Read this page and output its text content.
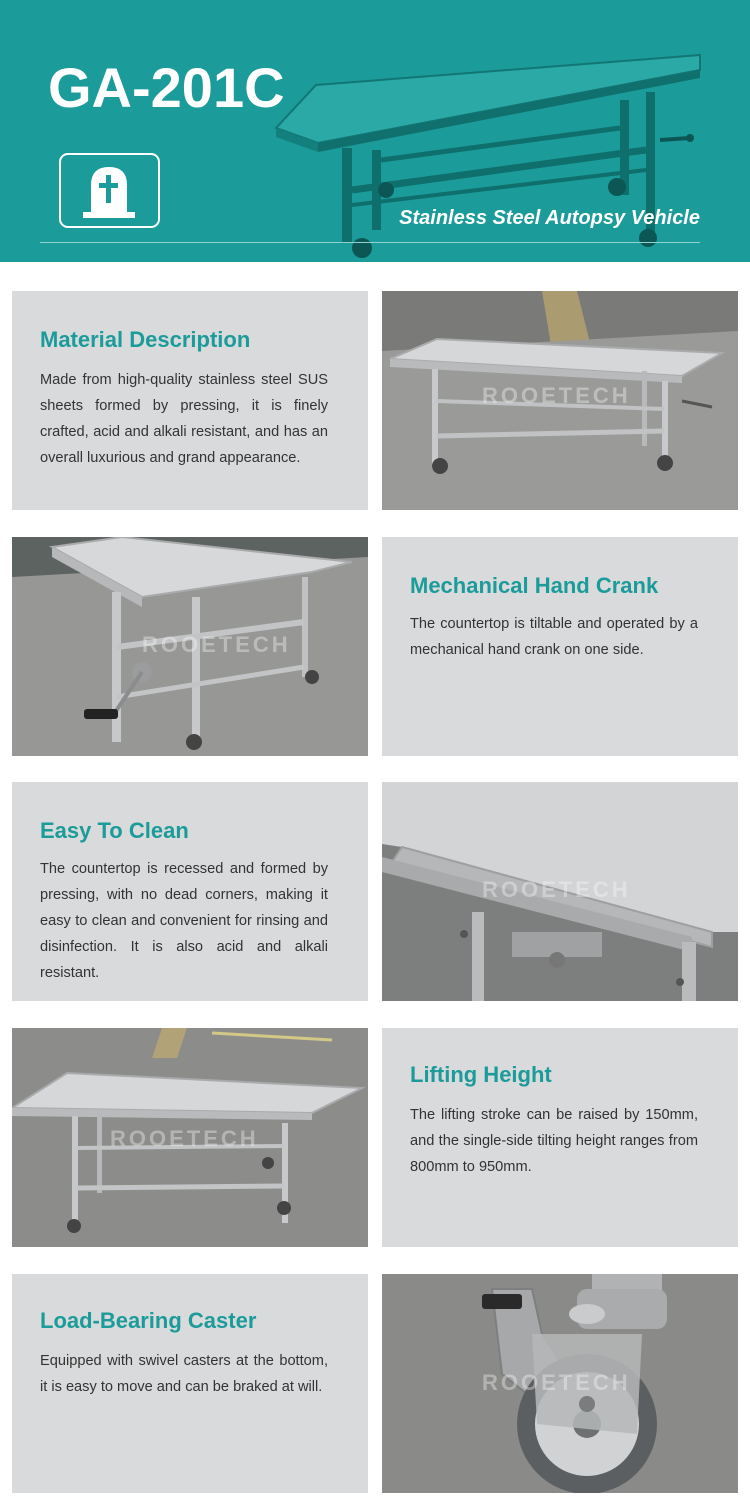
GA-201C
Stainless Steel Autopsy Vehicle
Material Description
Made from high-quality stainless steel SUS sheets formed by pressing, it is finely crafted, acid and alkali resistant, and has an overall luxurious and grand appearance.
ROOETECH
ROOETECH
Mechanical Hand Crank
The countertop is tiltable and operated by a mechanical hand crank on one side.
Easy To Clean
The countertop is recessed and formed by pressing, with no dead corners, making it easy to clean and convenient for rinsing and disinfection. It is also acid and alkali resistant.
ROOETECH
ROOETECH
Lifting Height
The lifting stroke can be raised by 150mm, and the single-side tilting height ranges from 800mm to 950mm.
Load-Bearing Caster
Equipped with swivel casters at the bottom, it is easy to move and can be braked at will.	ROOETECH
